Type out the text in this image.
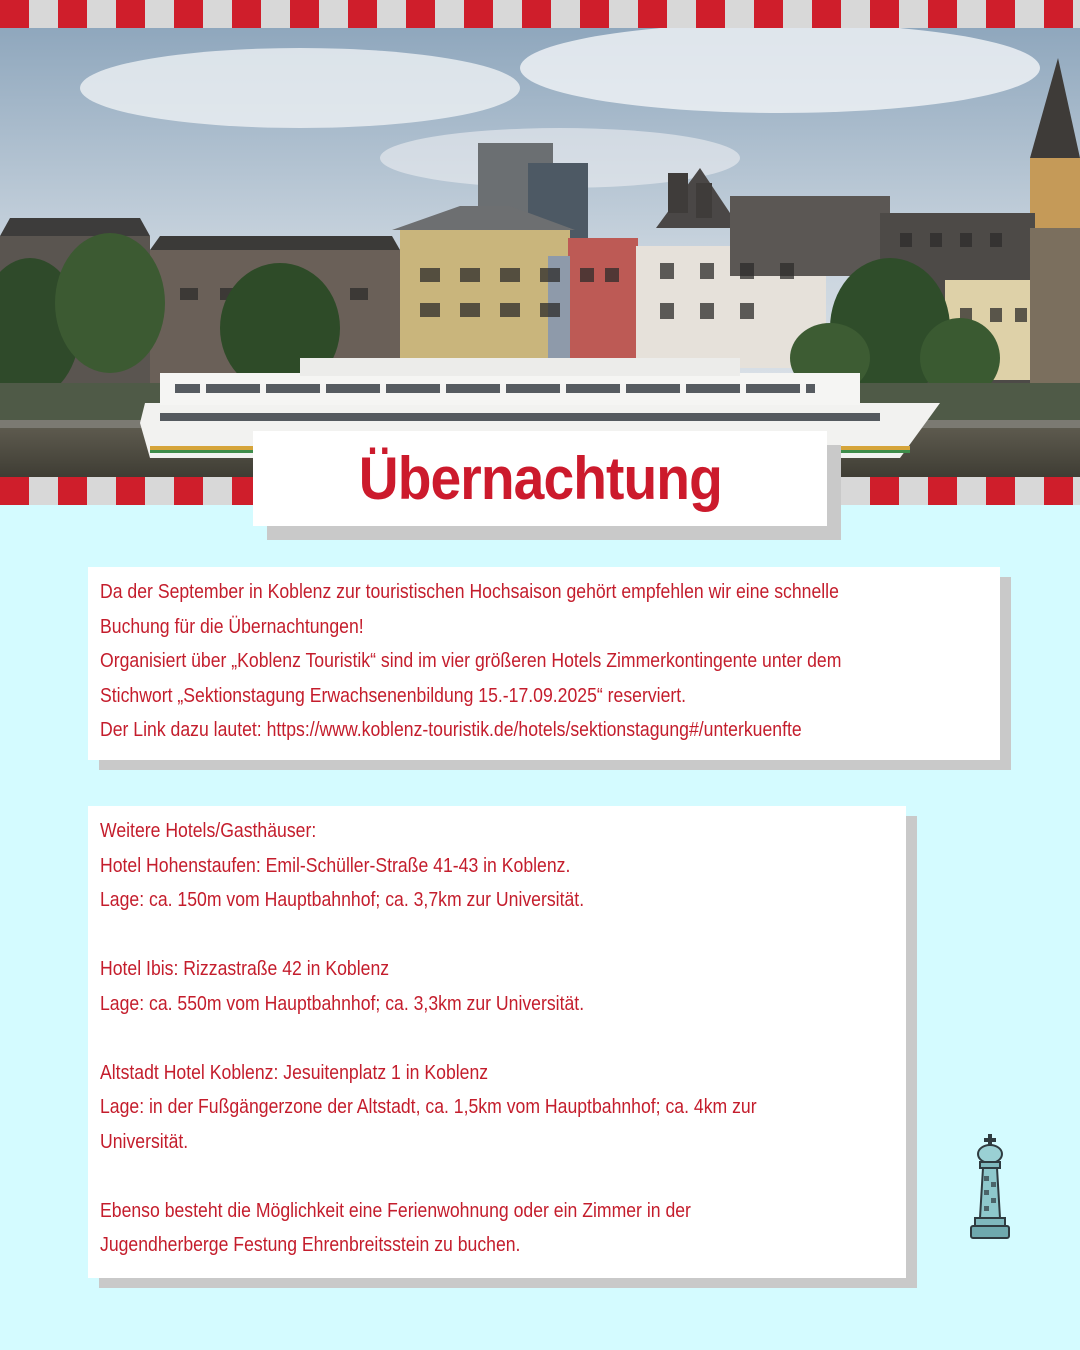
Übernachtung

Da der September in Koblenz zur touristischen Hochsaison gehört empfehlen wir eine schnelle

Buchung für die Übernachtungen!

Organisiert über „Koblenz Touristik“ sind im vier größeren Hotels Zimmerkontingente unter dem

Stichwort „Sektionstagung Erwachsenenbildung 15.-17.09.2025“ reserviert.

Der Link dazu lautet: https://www.koblenz-touristik.de/hotels/sektionstagung#/unterkuenfte

Weitere Hotels/Gasthäuser:

Hotel Hohenstaufen: Emil-Schüller-Straße 41-43 in Koblenz.

Lage: ca. 150m vom Hauptbahnhof; ca. 3,7km zur Universität.

Hotel Ibis: Rizzastraße 42 in Koblenz

Lage: ca. 550m vom Hauptbahnhof; ca. 3,3km zur Universität.

Altstadt Hotel Koblenz: Jesuitenplatz 1 in Koblenz

Lage: in der Fußgängerzone der Altstadt, ca. 1,5km vom Hauptbahnhof; ca. 4km zur

Universität.

Ebenso besteht die Möglichkeit eine Ferienwohnung oder ein Zimmer in der

Jugendherberge Festung Ehrenbreitsstein zu buchen.
